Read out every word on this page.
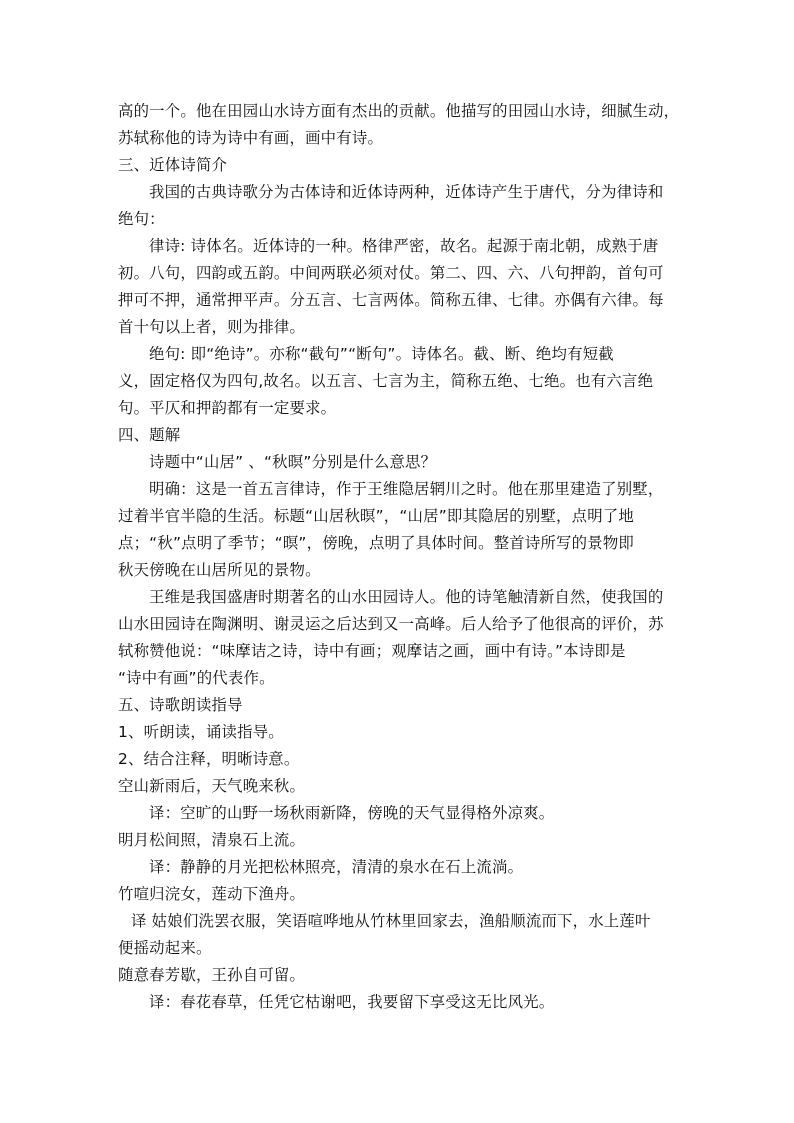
高的一个。他在田园山水诗方面有杰出的贡献。他描写的田园山水诗，细腻生动，
苏轼称他的诗为诗中有画，画中有诗。
三、近体诗简介
我国的古典诗歌分为古体诗和近体诗两种，近体诗产生于唐代，分为律诗和
绝句：
律诗: 诗体名。近体诗的一种。格律严密，故名。起源于南北朝，成熟于唐
初。八句，四韵或五韵。中间两联必须对仗。第二、四、六、八句押韵，首句可
押可不押，通常押平声。分五言、七言两体。简称五律、七律。亦偶有六律。每
首十句以上者，则为排律。
绝句: 即“绝诗”。亦称“截句”“断句”。诗体名。截、断、绝均有短截
义，固定格仅为四句,故名。以五言、七言为主，简称五绝、七绝。也有六言绝
句。平仄和押韵都有一定要求。
四、题解
诗题中“山居” 、“秋暝”分别是什么意思？
明确：这是一首五言律诗，作于王维隐居辋川之时。他在那里建造了别墅，
过着半官半隐的生活。标题“山居秋暝”，“山居”即其隐居的别墅，点明了地
点；“秋”点明了季节；“暝”，傍晚，点明了具体时间。整首诗所写的景物即
秋天傍晚在山居所见的景物。
王维是我国盛唐时期著名的山水田园诗人。他的诗笔触清新自然，使我国的
山水田园诗在陶渊明、谢灵运之后达到又一高峰。后人给予了他很高的评价，苏
轼称赞他说：“味摩诘之诗，诗中有画；观摩诘之画，画中有诗。”本诗即是
“诗中有画”的代表作。
五、诗歌朗读指导
1、听朗读，诵读指导。
2、结合注释，明晰诗意。
空山新雨后，天气晚来秋。
译：空旷的山野一场秋雨新降，傍晚的天气显得格外凉爽。
明月松间照，清泉石上流。
译：静静的月光把松林照亮，清清的泉水在石上流淌。
竹喧归浣女，莲动下渔舟。
译 姑娘们洗罢衣服，笑语喧哗地从竹林里回家去，渔船顺流而下，水上莲叶
便摇动起来。
随意春芳歇，王孙自可留。
译：春花春草，任凭它枯谢吧，我要留下享受这无比风光。
